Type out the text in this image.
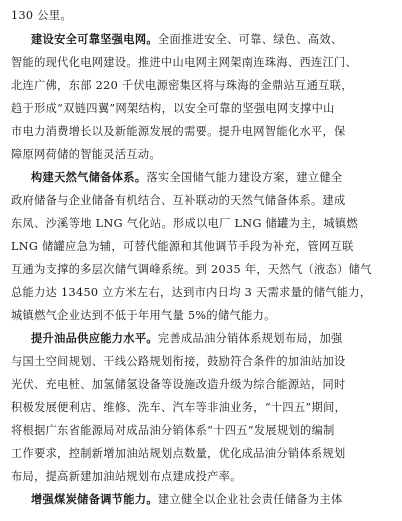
130 公里。
建设安全可靠坚强电网。全面推进安全、可靠、绿色、高效、
智能的现代化电网建设。推进中山电网主网架南连珠海、西连江门、
北连广佛，东部 220 千伏电源密集区将与珠海的金鼎站互通互联，
趋于形成“双链四翼”网架结构，以安全可靠的坚强电网支撑中山
市电力消费增长以及新能源发展的需要。提升电网智能化水平，保
障原网荷储的智能灵活互动。
构建天然气储备体系。落实全国储气能力建设方案，建立健全
政府储备与企业储备有机结合、互补联动的天然气储备体系。建成
东凤、沙溪等地 LNG 气化站。形成以电厂 LNG 储罐为主，城镇燃
LNG 储罐应急为辅，可替代能源和其他调节手段为补充，管网互联
互通为支撑的多层次储气调峰系统。到 2035 年，天然气（液态）储气
总能力达 13450 立方米左右，达到市内日均 3 天需求量的储气能力，
城镇燃气企业达到不低于年用气量 5%的储气能力。
提升油品供应能力水平。完善成品油分销体系规划布局，加强
与国土空间规划、干线公路规划衔接，鼓励符合条件的加油站加设
光伏、充电桩、加氢储氢设备等设施改造升级为综合能源站，同时
积极发展便利店、维修、洗车、汽车等非油业务，“十四五”期间，
将根据广东省能源局对成品油分销体系“十四五”发展规划的编制
工作要求，控制新增加油站规划点数量，优化成品油分销体系规划
布局，提高新建加油站规划布点建成投产率。
增强煤炭储备调节能力。建立健全以企业社会责任储备为主体
